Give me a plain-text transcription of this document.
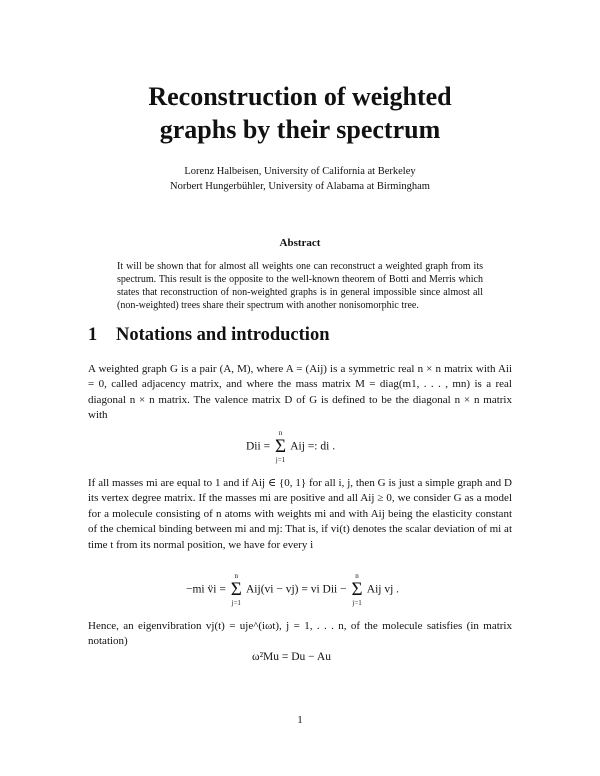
Reconstruction of weighted
graphs by their spectrum
Lorenz Halbeisen, University of California at Berkeley
Norbert Hungerbühler, University of Alabama at Birmingham
Abstract
It will be shown that for almost all weights one can reconstruct a weighted graph from its spectrum. This result is the opposite to the well-known theorem of Botti and Merris which states that reconstruction of non-weighted graphs is in general impossible since almost all (non-weighted) trees share their spectrum with another nonisomorphic tree.
1 Notations and introduction
A weighted graph G is a pair (A, M), where A = (Aij) is a symmetric real n × n matrix with Aii = 0, called adjacency matrix, and where the mass matrix M = diag(m1, . . . , mn) is a real diagonal n × n matrix. The valence matrix D of G is defined to be the diagonal n × n matrix with
Dii =
n
Σ
j=1
Aij =: di .
If all masses mi are equal to 1 and if Aij ∈ {0, 1} for all i, j, then G is just a simple graph and D its vertex degree matrix. If the masses mi are positive and all Aij ≥ 0, we consider G as a model for a molecule consisting of n atoms with weights mi and with Aij being the elasticity constant of the chemical binding between mi and mj: That is, if vi(t) denotes the scalar deviation of mi at time t from its normal position, we have for every i
−mi v̈i =
n
Σ
j=1
Aij(vi − vj) = vi Dii −
n
Σ
j=1
Aij vj .
Hence, an eigenvibration vj(t) = uje^(iωt), j = 1, . . . n, of the molecule satisfies (in matrix notation)
ω²Mu = Du − Au
1
